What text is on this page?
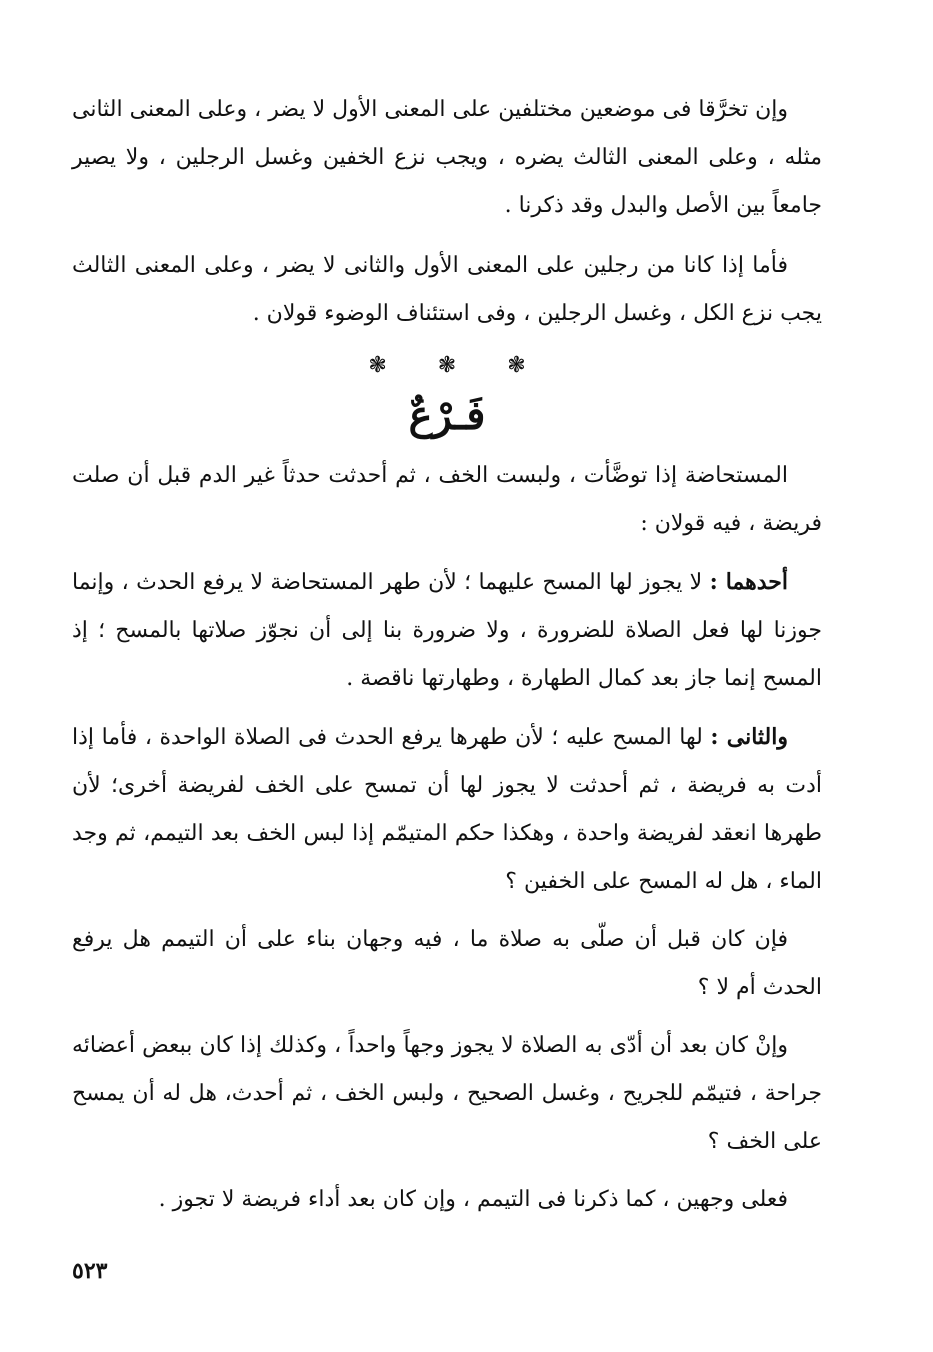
وإن تخرَّقا فى موضعين مختلفين على المعنى الأول لا يضر ، وعلى المعنى الثانى مثله ، وعلى المعنى الثالث يضره ، ويجب نزع الخفين وغسل الرجلين ، ولا يصير جامعاً بين الأصل والبدل وقد ذكرنا .

فأما إذا كانا من رجلين على المعنى الأول والثانى لا يضر ، وعلى المعنى الثالث يجب نزع الكل ، وغسل الرجلين ، وفى استئناف الوضوء قولان .

❃ ❃ ❃
فَـرْعٌ

المستحاضة إذا توضَّأت ، ولبست الخف ، ثم أحدثت حدثاً غير الدم قبل أن صلت فريضة ، فيه قولان :

أحدهما : لا يجوز لها المسح عليهما ؛ لأن طهر المستحاضة لا يرفع الحدث ، وإنما جوزنا لها فعل الصلاة للضرورة ، ولا ضرورة بنا إلى أن نجوّز صلاتها بالمسح ؛ إذ المسح إنما جاز بعد كمال الطهارة ، وطهارتها ناقصة .

والثانى : لها المسح عليه ؛ لأن طهرها يرفع الحدث فى الصلاة الواحدة ، فأما إذا أدت به فريضة ، ثم أحدثت لا يجوز لها أن تمسح على الخف لفريضة أخرى؛ لأن طهرها انعقد لفريضة واحدة ، وهكذا حكم المتيمّم إذا لبس الخف بعد التيمم، ثم وجد الماء ، هل له المسح على الخفين ؟

فإن كان قبل أن صلّى به صلاة ما ، فيه وجهان بناء على أن التيمم هل يرفع الحدث أم لا ؟

وإنْ كان بعد أن أدّى به الصلاة لا يجوز وجهاً واحداً ، وكذلك إذا كان ببعض أعضائه جراحة ، فتيمّم للجريح ، وغسل الصحيح ، ولبس الخف ، ثم أحدث، هل له أن يمسح على الخف ؟

فعلى وجهين ، كما ذكرنا فى التيمم ، وإن كان بعد أداء فريضة لا تجوز .

٥٢٣
